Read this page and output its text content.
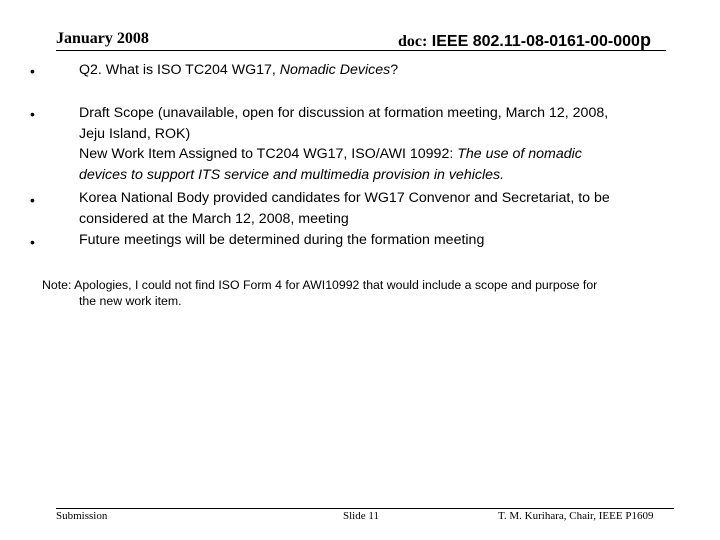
January 2008	doc: IEEE 802.11-08-0161-00-000p
•	Q2. What is ISO TC204 WG17, Nomadic Devices?
•	Draft Scope (unavailable, open for discussion at formation meeting, March 12, 2008,
Jeju Island, ROK)
New Work Item Assigned to TC204 WG17, ISO/AWI 10992: The use of nomadic
devices to support ITS service and multimedia provision in vehicles.
•	Korea National Body provided candidates for WG17 Convenor and Secretariat, to be
considered at the March 12, 2008, meeting
•	Future meetings will be determined during the formation meeting
Note: Apologies, I could not find ISO Form 4 for AWI10992 that would include a scope and purpose for
the new work item.
Submission	Slide 11	T. M. Kurihara, Chair, IEEE P1609
